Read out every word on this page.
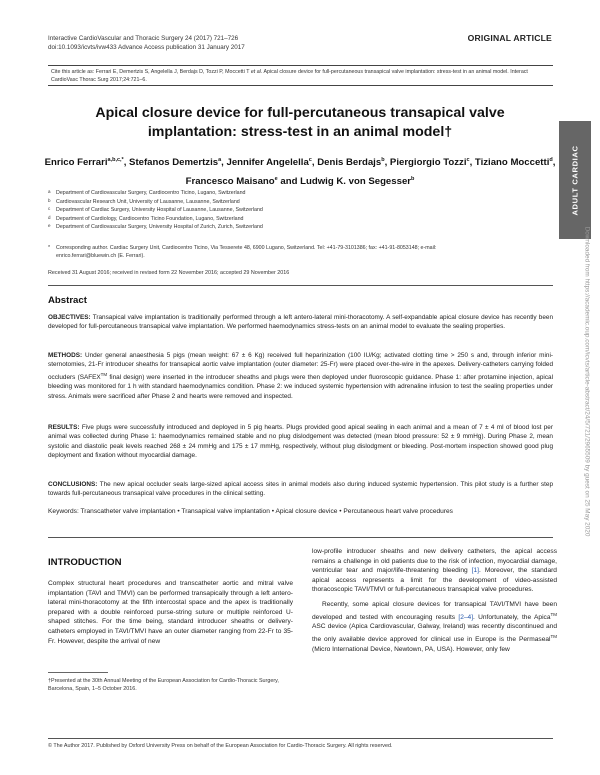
Interactive CardioVascular and Thoracic Surgery 24 (2017) 721–726
doi:10.1093/icvts/ivw433 Advance Access publication 31 January 2017
ORIGINAL ARTICLE
Cite this article as: Ferrari E, Demertzis S, Angelella J, Berdajs D, Tozzi P, Moccetti T et al. Apical closure device for full-percutaneous transapical valve implantation: stress-test in an animal model. Interact CardioVasc Thorac Surg 2017;24:721–6.
Apical closure device for full-percutaneous transapical valve implantation: stress-test in an animal model†
Enrico Ferrari$^{a,b,c,*}$, Stefanos Demertzis$^a$, Jennifer Angelella$^c$, Denis Berdajs$^b$, Piergiorgio Tozzi$^c$, Tiziano Moccetti$^d$,
Francesco Maisano$^e$ and Ludwig K. von Segesser$^b$
a Department of Cardiovascular Surgery, Cardiocentro Ticino, Lugano, Switzerland
b Cardiovascular Research Unit, University of Lausanne, Lausanne, Switzerland
c Department of Cardiac Surgery, University Hospital of Lausanne, Lausanne, Switzerland
d Department of Cardiology, Cardiocentro Ticino Foundation, Lugano, Switzerland
e Department of Cardiovascular Surgery, University Hospital of Zurich, Zurich, Switzerland
* Corresponding author. Cardiac Surgery Unit, Cardiocentro Ticino, Via Tesserete 48, 6900 Lugano, Switzerland. Tel: +41-79-3101386; fax: +41-91-8053148; e-mail:
enrico.ferrari@bluewin.ch (E. Ferrari).
Received 31 August 2016; received in revised form 22 November 2016; accepted 29 November 2016
Abstract
OBJECTIVES: Transapical valve implantation is traditionally performed through a left antero-lateral mini-thoracotomy. A self-expandable apical closure device has recently been developed for full-percutaneous transapical valve implantation. We performed haemodynamics stress-tests on an animal model to evaluate the sealing properties.
METHODS: Under general anaesthesia 5 pigs (mean weight: 67 ± 6 Kg) received full heparinization (100 IU/Kg; activated clotting time > 250 s and, through inferior mini-sternotomies, 21-Fr introducer sheaths for transapical aortic valve implantation (outer diameter: 25-Fr) were placed over-the-wire in the apexes. Delivery-catheters carrying folded occluders (SAFEX™ final design) were inserted in the introducer sheaths and plugs were then deployed under fluoroscopic guidance. Phase 1: after protamine injection, apical bleeding was monitored for 1 h with standard haemodynamics condition. Phase 2: we induced systemic hypertension with adrenaline infusion to test the sealing properties under stress. Animals were sacrificed after Phase 2 and hearts were removed and inspected.
RESULTS: Five plugs were successfully introduced and deployed in 5 pig hearts. Plugs provided good apical sealing in each animal and a mean of 7 ± 4 ml of blood lost per animal was collected during Phase 1: haemodynamics remained stable and no plug dislodgement was detected (mean blood pressure: 52 ± 9 mmHg). During Phase 2, mean systolic and diastolic peak levels reached 268 ± 24 mmHg and 175 ± 17 mmHg, respectively, without plug dislodgment or bleeding. Post-mortem inspection showed good plug deployment and fixation without myocardial damage.
CONCLUSIONS: The new apical occluder seals large-sized apical access sites in animal models also during induced systemic hypertension. This pilot study is a further step towards full-percutaneous transapical valve procedures in the clinical setting.
Keywords: Transcatheter valve implantation • Transapical valve implantation • Apical closure device • Percutaneous heart valve procedures
INTRODUCTION
Complex structural heart procedures and transcatheter aortic and mitral valve implantation (TAVI and TMVI) can be performed transapically through a left antero-lateral mini-thoracotomy at the fifth intercostal space and the apex is traditionally prepared with a double reinforced purse-string suture or multiple reinforced U-shaped stitches. For the time being, standard introducer sheaths or delivery-catheters employed in TAVI/TMVI have an outer diameter ranging from 22-Fr to 35-Fr. However, despite the arrival of new
low-profile introducer sheaths and new delivery catheters, the apical access remains a challenge in old patients due to the risk of infection, myocardial damage, ventricular tear and major/life-threatening bleeding [1]. Moreover, the standard apical access represents a limit for the development of video-assisted thoracoscopic TAVI/TMVI or full-percutaneous transapical valve procedures.
Recently, some apical closure devices for transapical TAVI/TMVI have been developed and tested with encouraging results [2–4]. Unfortunately, the Apica™ ASC device (Apica Cardiovascular, Galway, Ireland) was recently discontinued and the only available device approved for clinical use in Europe is the Permaseal™ (Micro International Device, Newtown, PA, USA). However, only few
†Presented at the 30th Annual Meeting of the European Association for Cardio-Thoracic Surgery, Barcelona, Spain, 1–5 October 2016.
© The Author 2017. Published by Oxford University Press on behalf of the European Association for Cardio-Thoracic Surgery. All rights reserved.
ADULT CARDIAC
Downloaded from https://academic.oup.com/icvts/article-abstract/24/5/721/2965509 by guest on 25 May 2020
